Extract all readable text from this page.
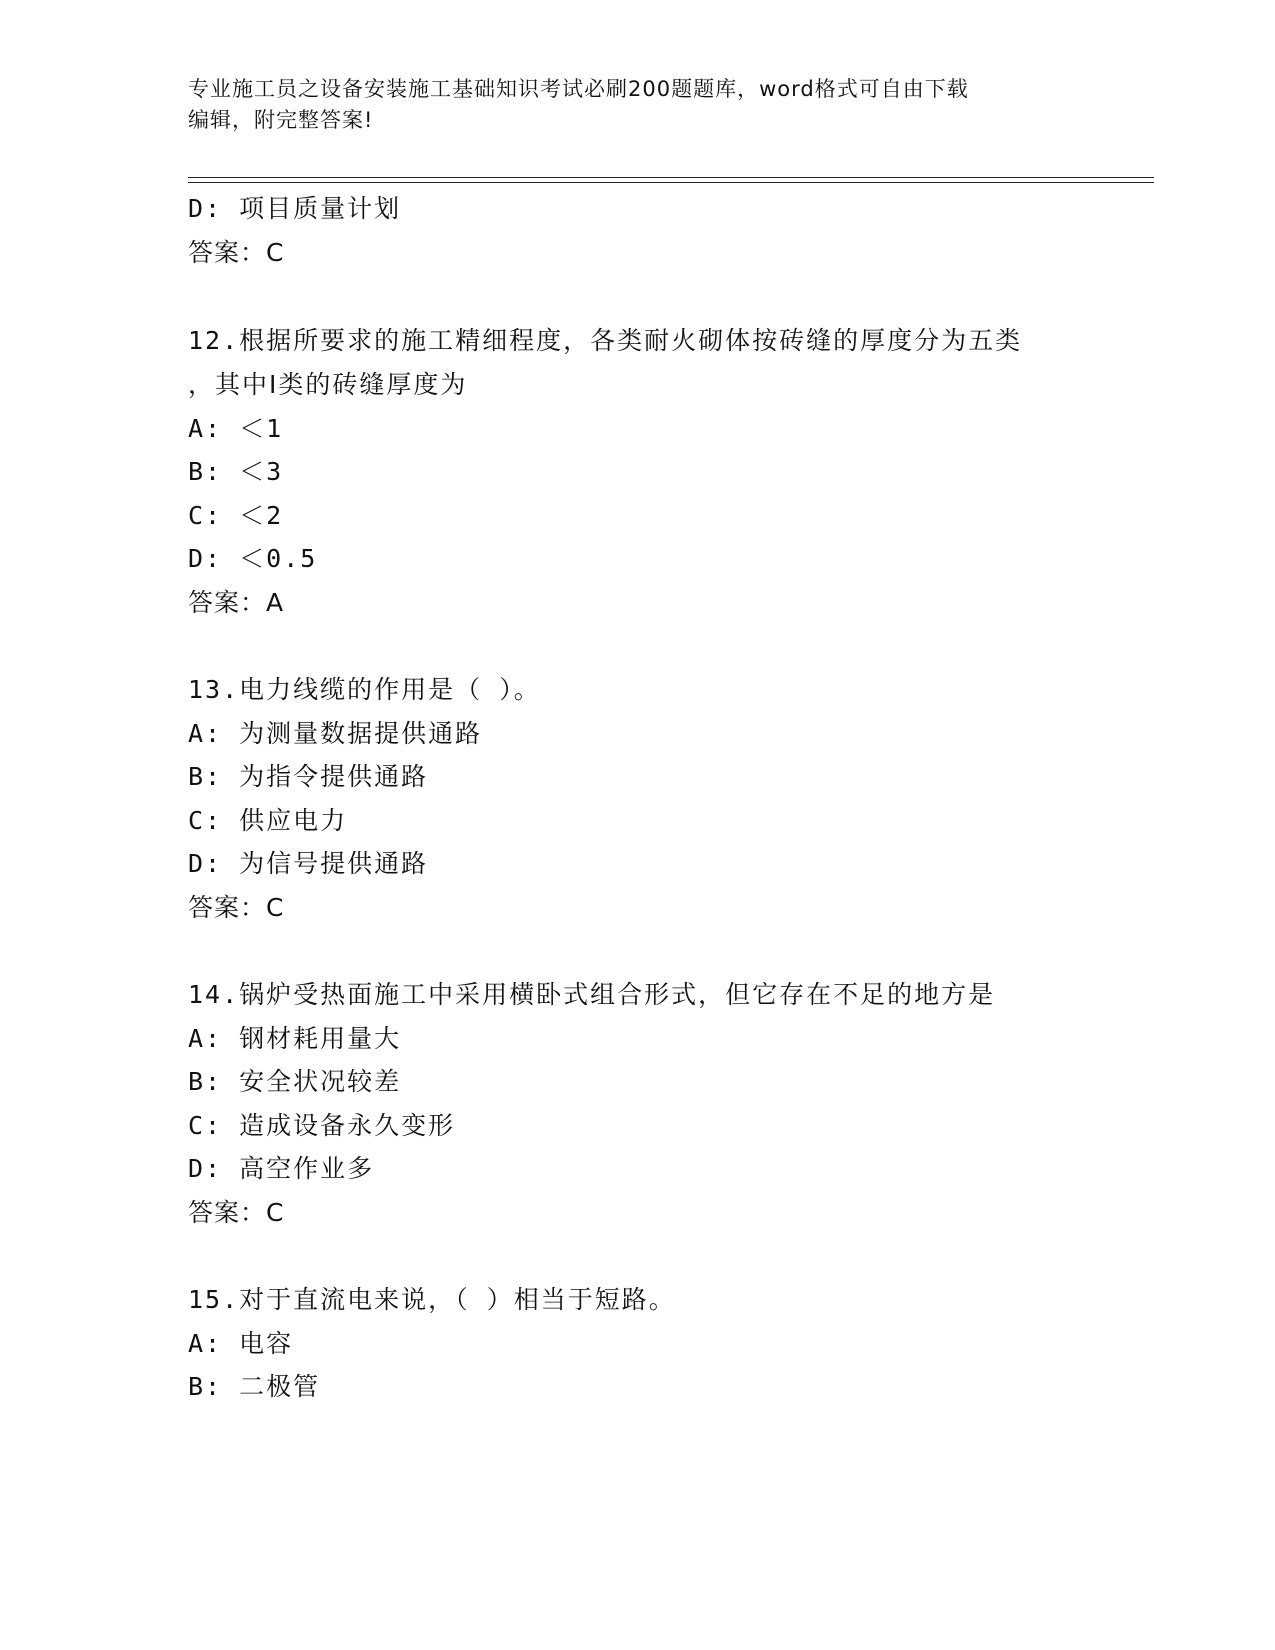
专业施工员之设备安装施工基础知识考试必刷200题题库，word格式可自由下载
编辑，附完整答案!
D: 项目质量计划
答案：C
12.根据所要求的施工精细程度，各类耐火砌体按砖缝的厚度分为五类
，其中Ⅰ类的砖缝厚度为
A: ＜1
B: ＜3
C: ＜2
D: ＜0.5
答案：A
13.电力线缆的作用是（ ）。
A: 为测量数据提供通路
B: 为指令提供通路
C: 供应电力
D: 为信号提供通路
答案：C
14.锅炉受热面施工中采用横卧式组合形式，但它存在不足的地方是
A: 钢材耗用量大
B: 安全状况较差
C: 造成设备永久变形
D: 高空作业多
答案：C
15.对于直流电来说，（ ）相当于短路。
A: 电容
B: 二极管
